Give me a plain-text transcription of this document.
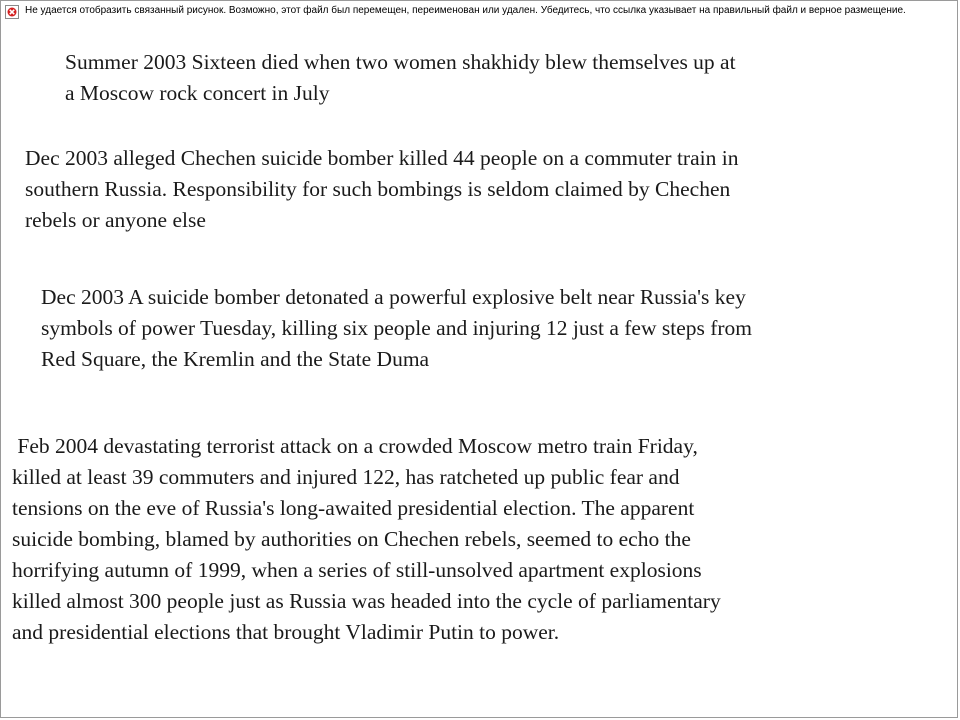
Не удается отобразить связанный рисунок. Возможно, этот файл был перемещен, переименован или удален. Убедитесь, что ссылка указывает на правильный файл и верное размещение.

Summer 2003 Sixteen died when two women shakhidy blew themselves up at
a Moscow rock concert in July

Dec 2003 alleged Chechen suicide bomber killed 44 people on a commuter train in
southern Russia. Responsibility for such bombings is seldom claimed by Chechen
rebels or anyone else

Dec 2003 A suicide bomber detonated a powerful explosive belt near Russia's key
symbols of power Tuesday, killing six people and injuring 12 just a few steps from
Red Square, the Kremlin and the State Duma

Feb 2004 devastating terrorist attack on a crowded Moscow metro train Friday,
killed at least 39 commuters and injured 122, has ratcheted up public fear and
tensions on the eve of Russia's long-awaited presidential election. The apparent
suicide bombing, blamed by authorities on Chechen rebels, seemed to echo the
horrifying autumn of 1999, when a series of still-unsolved apartment explosions
killed almost 300 people just as Russia was headed into the cycle of parliamentary
and presidential elections that brought Vladimir Putin to power.
